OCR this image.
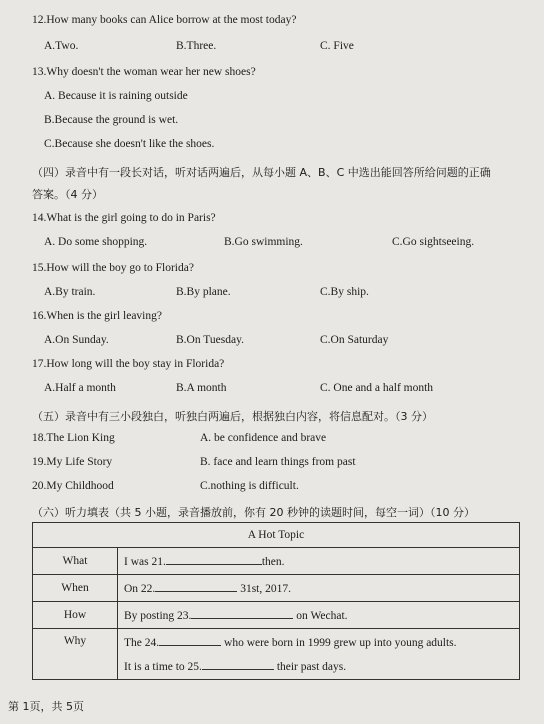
12.How many books can Alice borrow at the most today?
A.Two.	B.Three.	C. Five
13.Why doesn't the woman wear her new shoes?
A. Because it is raining outside
B.Because the ground is wet.
C.Because she doesn't like the shoes.
（四）录音中有一段长对话，听对话两遍后，从每小题 A、B、C 中选出能回答所给问题的正确
答案。（4 分）
14.What is the girl going to do in Paris?
A. Do some shopping.	B.Go swimming.	C.Go sightseeing.
15.How will the boy go to Florida?
A.By train.	B.By plane.	C.By ship.
16.When is the girl leaving?
A.On Sunday.	B.On Tuesday.	C.On Saturday
17.How long will the boy stay in Florida?
A.Half a month	B.A month	C. One and a half month
（五）录音中有三小段独白，听独白两遍后，根据独白内容，将信息配对。（3 分）
18.The Lion King	A. be confidence and brave
19.My Life Story	B. face and learn things from past
20.My Childhood	C.nothing is difficult.
（六）听力填表（共 5 小题，录音播放前，你有 20 秒钟的读题时间，每空一词）（10 分）
A Hot Topic	
What	I was 21. then.
When	On 22. 31st, 2017.
How	By posting 23. on Wechat.
Why	The 24. who were born in 1999 grew up into young adults.
It is a time to 25. their past days.
第 1页，共 5页
